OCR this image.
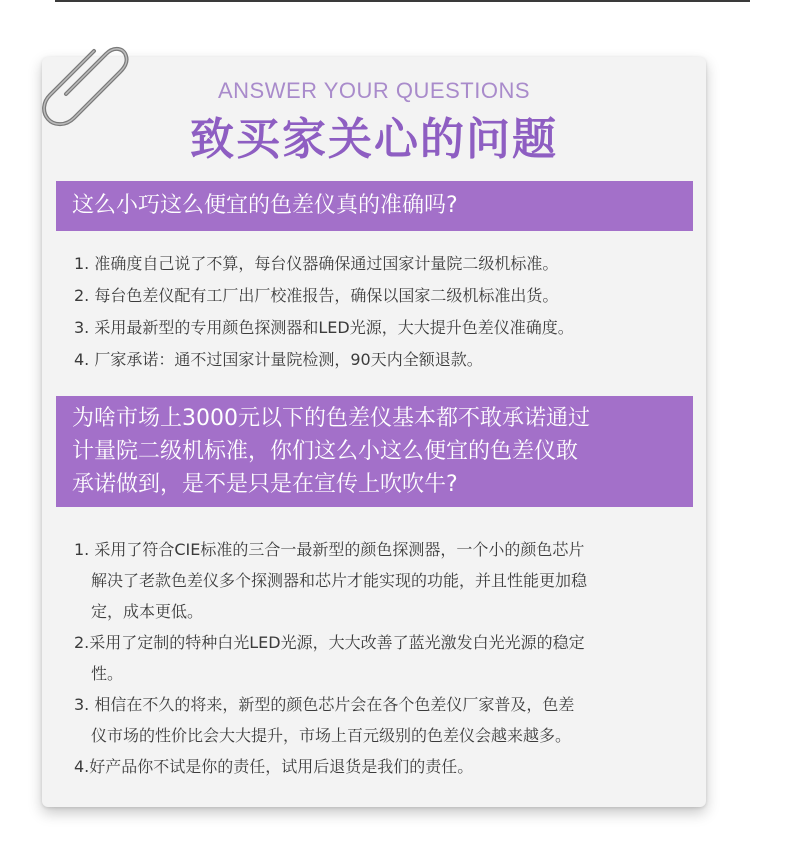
ANSWER YOUR QUESTIONS
致买家关心的问题
这么小巧这么便宜的色差仪真的准确吗?
1. 准确度自己说了不算，每台仪器确保通过国家计量院二级机标准。
2. 每台色差仪配有工厂出厂校准报告，确保以国家二级机标准出货。
3. 采用最新型的专用颜色探测器和LED光源，大大提升色差仪准确度。
4. 厂家承诺：通不过国家计量院检测，90天内全额退款。
为啥市场上3000元以下的色差仪基本都不敢承诺通过
计量院二级机标准，你们这么小这么便宜的色差仪敢
承诺做到，是不是只是在宣传上吹吹牛?
1. 采用了符合CIE标准的三合一最新型的颜色探测器，一个小的颜色芯片
解决了老款色差仪多个探测器和芯片才能实现的功能，并且性能更加稳
定，成本更低。
2.采用了定制的特种白光LED光源，大大改善了蓝光激发白光光源的稳定
性。
3. 相信在不久的将来，新型的颜色芯片会在各个色差仪厂家普及，色差
仪市场的性价比会大大提升，市场上百元级别的色差仪会越来越多。
4.好产品你不试是你的责任，试用后退货是我们的责任。
